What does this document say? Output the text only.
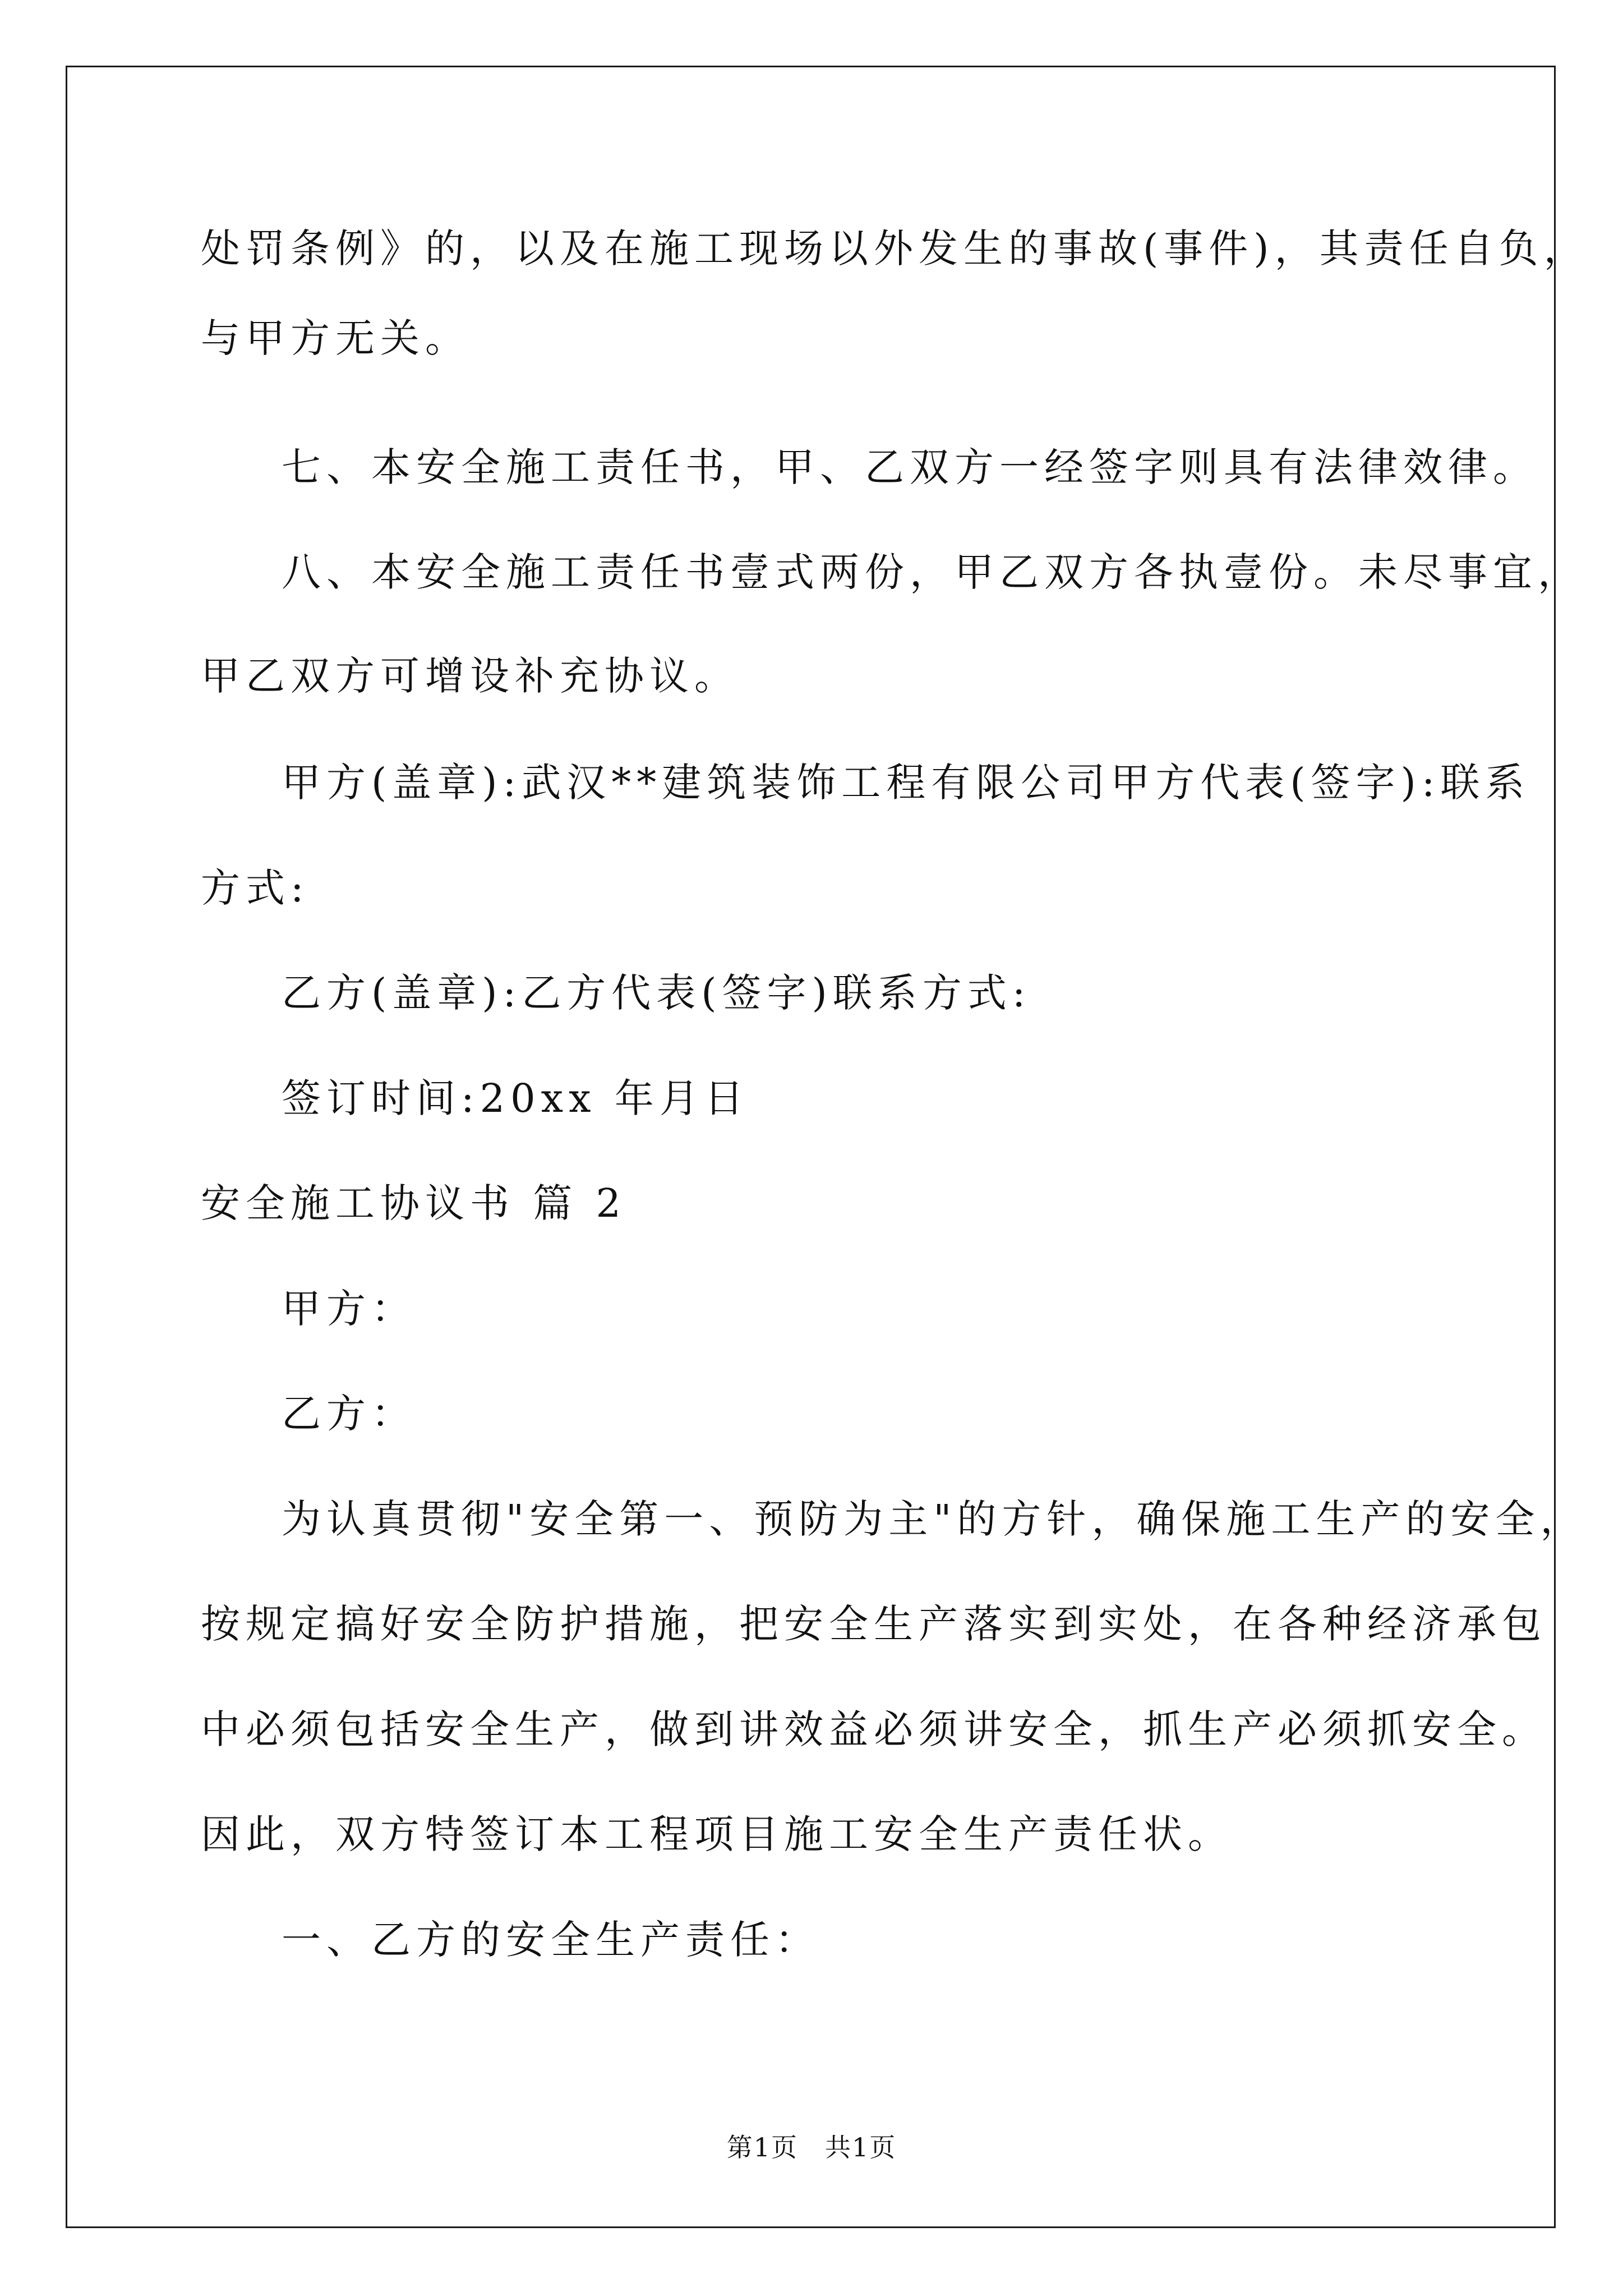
处罚条例》的，以及在施工现场以外发生的事故(事件)，其责任自负，
与甲方无关。
七、本安全施工责任书，甲、乙双方一经签字则具有法律效律。
八、本安全施工责任书壹式两份，甲乙双方各执壹份。未尽事宜，
甲乙双方可增设补充协议。
甲方(盖章):武汉**建筑装饰工程有限公司甲方代表(签字):联系
方式:
乙方(盖章):乙方代表(签字)联系方式:
签订时间:20xx 年月日
安全施工协议书 篇 2
甲方：
乙方：
为认真贯彻"安全第一、预防为主"的方针，确保施工生产的安全，
按规定搞好安全防护措施，把安全生产落实到实处，在各种经济承包
中必须包括安全生产，做到讲效益必须讲安全，抓生产必须抓安全。
因此，双方特签订本工程项目施工安全生产责任状。
一、乙方的安全生产责任：
第1页　共1页
